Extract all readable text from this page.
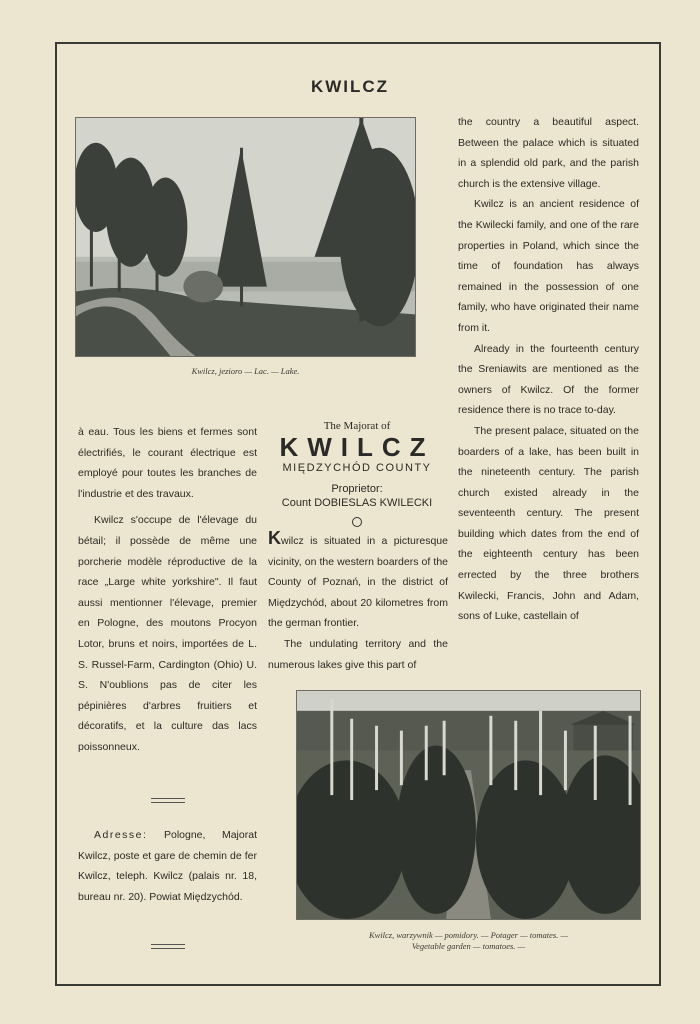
KWILCZ
Kwilcz, jezioro — Lac. — Lake.

the country a beautiful aspect. Between the palace which is situated in a splendid old park, and the parish church is the extensive village.

Kwilcz is an ancient residence of the Kwilecki family, and one of the rare properties in Poland, which since the time of foundation has always remained in the possession of one family, who have originated their name from it.

Already in the fourteenth century the Sreniawits are mentioned as the owners of Kwilcz. Of the former residence there is no trace to-day.

The present palace, situated on the boarders of a lake, has been built in the nineteenth century. The parish church existed already in the seventeenth century. The present building which dates from the end of the eighteenth century has been errected by the three brothers Kwilecki, Francis, John and Adam, sons of Luke, castellain of

à eau. Tous les biens et fermes sont électrifiés, le courant électrique est employé pour toutes les branches de l'industrie et des travaux.

Kwilcz s'occupe de l'élevage du bétail; il possède de même une porcherie modèle réproductive de la race „Large white yorkshire". Il faut aussi mentionner l'élevage, premier en Pologne, des moutons Procyon Lotor, bruns et noirs, importées de L. S. Russel-Farm, Cardington (Ohio) U. S. N'oublions pas de citer les pépinières d'arbres fruitiers et décoratifs, et la culture das lacs poissonneux.

Adresse: Pologne, Majorat Kwilcz, poste et gare de chemin de fer Kwilcz, teleph. Kwilcz (palais nr. 18, bureau nr. 20). Powiat Międzychód.

The Majorat of
KWILCZ
MIĘDZYCHÓD COUNTY
Proprietor:
Count DOBIESLAS KWILECKI

Kwilcz is situated in a picturesque vicinity, on the western boarders of the County of Poznań, in the district of Międzychód, about 20 kilometres from the german frontier.

The undulating territory and the numerous lakes give this part of

Kwilcz, warzywnik — pomidory. — Potager — tomates. —
Vegetable garden — tomatoes. —
